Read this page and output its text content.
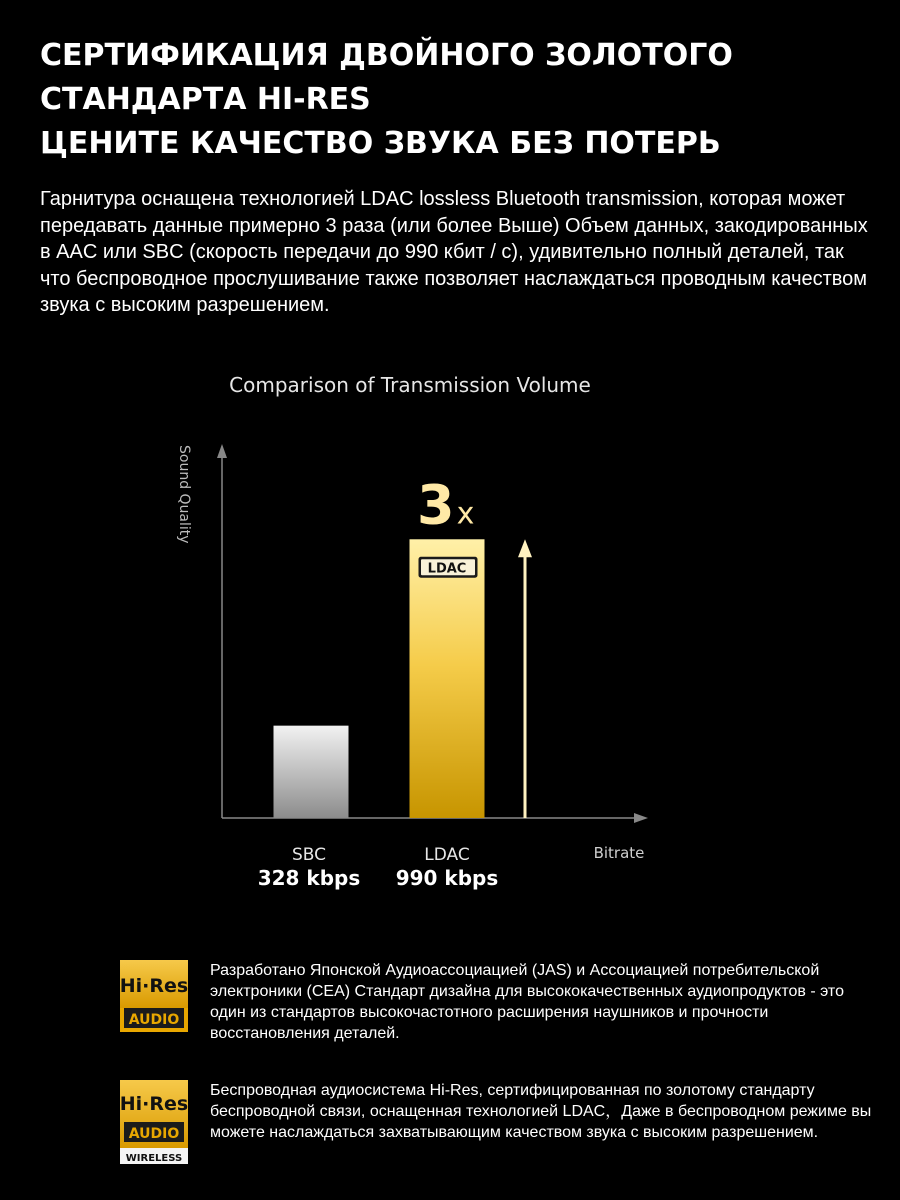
СЕРТИФИКАЦИЯ ДВОЙНОГО ЗОЛОТОГО
СТАНДАРТА HI-RES
ЦЕНИТЕ КАЧЕСТВО ЗВУКА БЕЗ ПОТЕРЬ

Гарнитура оснащена технологией LDAC lossless Bluetooth transmission, которая может передавать данные примерно 3 раза (или более Выше) Объем данных, закодированных в AAC или SBC (скорость передачи до 990 кбит / с), удивительно полный деталей, так что беспроводное прослушивание также позволяет наслаждаться проводным качеством звука с высоким разрешением.

Comparison of Transmission Volume
Sound Quality
Bitrate
LDAC
3x
SBC	LDAC
328 kbps 990 kbps
Hi·Res
AUDIO

Разработано Японской Аудиоассоциацией (JAS) и Ассоциацией потребительской электроники (CEA) Стандарт дизайна для высококачественных аудиопродуктов - это один из стандартов высокочастотного расширения наушников и прочности восстановления деталей.

Hi·Res
AUDIO
WIRELESS

Беспроводная аудиосистема Hi-Res, сертифицированная по золотому стандарту беспроводной связи, оснащенная технологией LDAC，Даже в беспроводном режиме вы можете наслаждаться захватывающим качеством звука с высоким разрешением.
